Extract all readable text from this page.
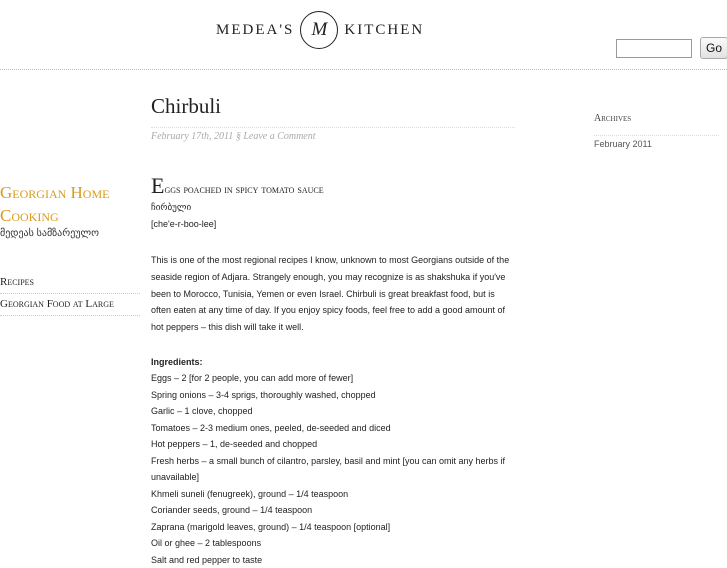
MEDEA'S M	KITCHEN
Go
Georgian Home Cooking
მედეას სამზარეულო
Recipes
Georgian Food at Large
Chirbuli
February 17th, 2011 § Leave a Comment
Eggs poached in spicy tomato sauce
ჩირბული
[che'e-r-boo-lee]
This is one of the most regional recipes I know, unknown to most Georgians outside of the seaside region of Adjara. Strangely enough, you may recognize is as shakshuka if you've been to Morocco, Tunisia, Yemen or even Israel. Chirbuli is great breakfast food, but is often eaten at any time of day. If you enjoy spicy foods, feel free to add a good amount of hot peppers – this dish will take it well.
Ingredients:
Eggs – 2 [for 2 people, you can add more of fewer]
Spring onions – 3-4 sprigs, thoroughly washed, chopped
Garlic – 1 clove, chopped
Tomatoes – 2-3 medium ones, peeled, de-seeded and diced
Hot peppers – 1, de-seeded and chopped
Fresh herbs – a small bunch of cilantro, parsley, basil and mint [you can omit any herbs if unavailable]
Khmeli suneli (fenugreek), ground – 1/4 teaspoon
Coriander seeds, ground – 1/4 teaspoon
Zaprana (marigold leaves, ground) – 1/4 teaspoon [optional]
Oil or ghee – 2 tablespoons
Salt and red pepper to taste
Archives
February 2011
